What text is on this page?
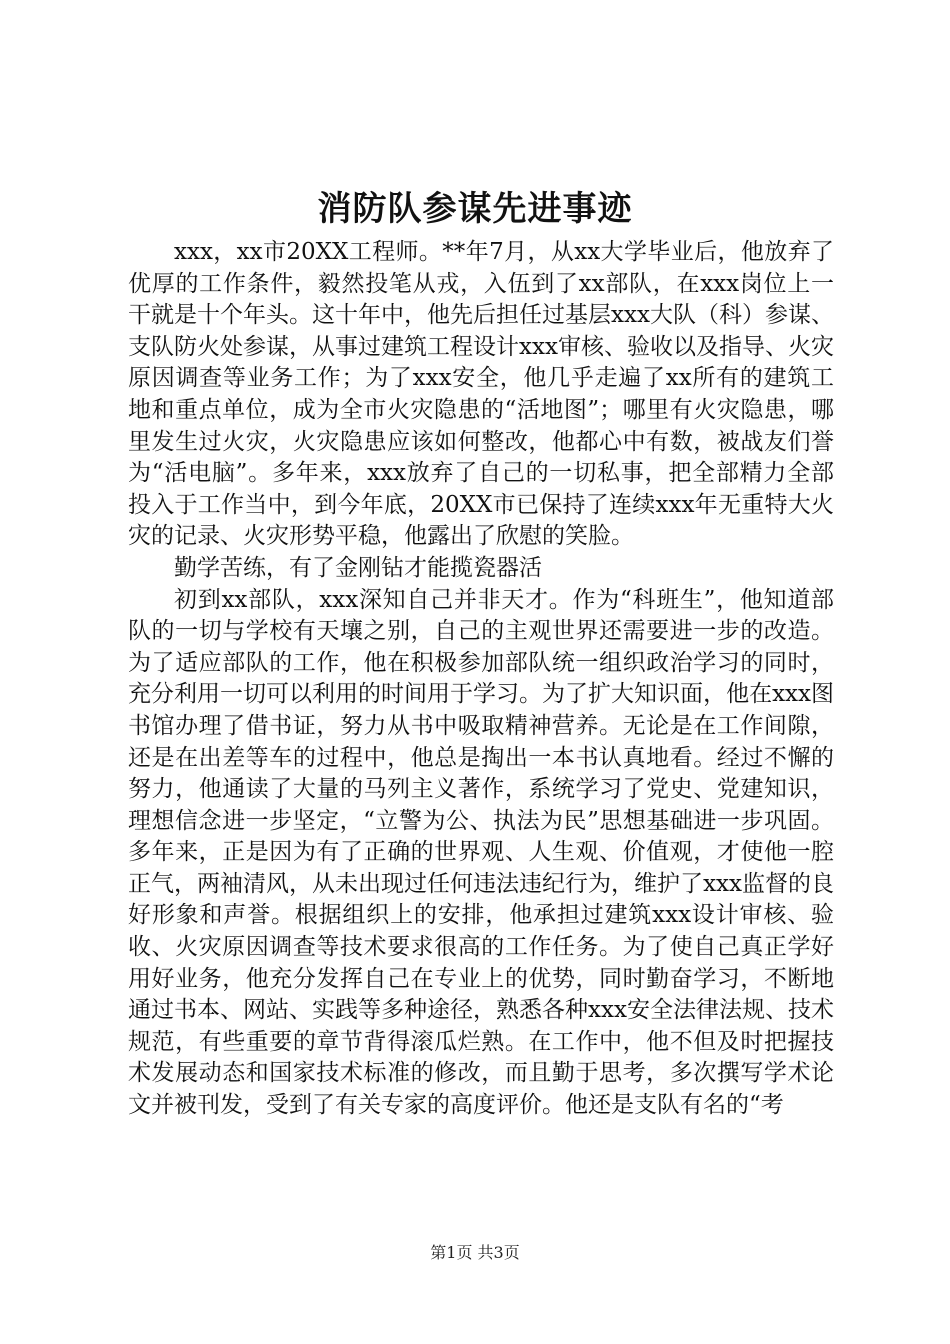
消防队参谋先进事迹

xxx，xx市20XX工程师。**年7月，从xx大学毕业后，他放弃了优厚的工作条件，毅然投笔从戎，入伍到了xx部队，在xxx岗位上一干就是十个年头。这十年中，他先后担任过基层xxx大队（科）参谋、支队防火处参谋，从事过建筑工程设计xxx审核、验收以及指导、火灾原因调查等业务工作；为了xxx安全，他几乎走遍了xx所有的建筑工地和重点单位，成为全市火灾隐患的“活地图”；哪里有火灾隐患，哪里发生过火灾，火灾隐患应该如何整改，他都心中有数，被战友们誉为“活电脑”。多年来，xxx放弃了自己的一切私事，把全部精力全部投入于工作当中，到今年底，20XX市已保持了连续xxx年无重特大火灾的记录、火灾形势平稳，他露出了欣慰的笑脸。

勤学苦练，有了金刚钻才能揽瓷器活

初到xx部队，xxx深知自己并非天才。作为“科班生”，他知道部队的一切与学校有天壤之别，自己的主观世界还需要进一步的改造。为了适应部队的工作，他在积极参加部队统一组织政治学习的同时，充分利用一切可以利用的时间用于学习。为了扩大知识面，他在xxx图书馆办理了借书证，努力从书中吸取精神营养。无论是在工作间隙，还是在出差等车的过程中，他总是掏出一本书认真地看。经过不懈的努力，他通读了大量的马列主义著作，系统学习了党史、党建知识，理想信念进一步坚定，“立警为公、执法为民”思想基础进一步巩固。多年来，正是因为有了正确的世界观、人生观、价值观，才使他一腔正气，两袖清风，从未出现过任何违法违纪行为，维护了xxx监督的良好形象和声誉。根据组织上的安排，他承担过建筑xxx设计审核、验收、火灾原因调查等技术要求很高的工作任务。为了使自己真正学好用好业务，他充分发挥自己在专业上的优势，同时勤奋学习，不断地通过书本、网站、实践等多种途径，熟悉各种xxx安全法律法规、技术规范，有些重要的章节背得滚瓜烂熟。在工作中，他不但及时把握技术发展动态和国家技术标准的修改，而且勤于思考，多次撰写学术论文并被刊发，受到了有关专家的高度评价。他还是支队有名的“考

第1页 共3页
